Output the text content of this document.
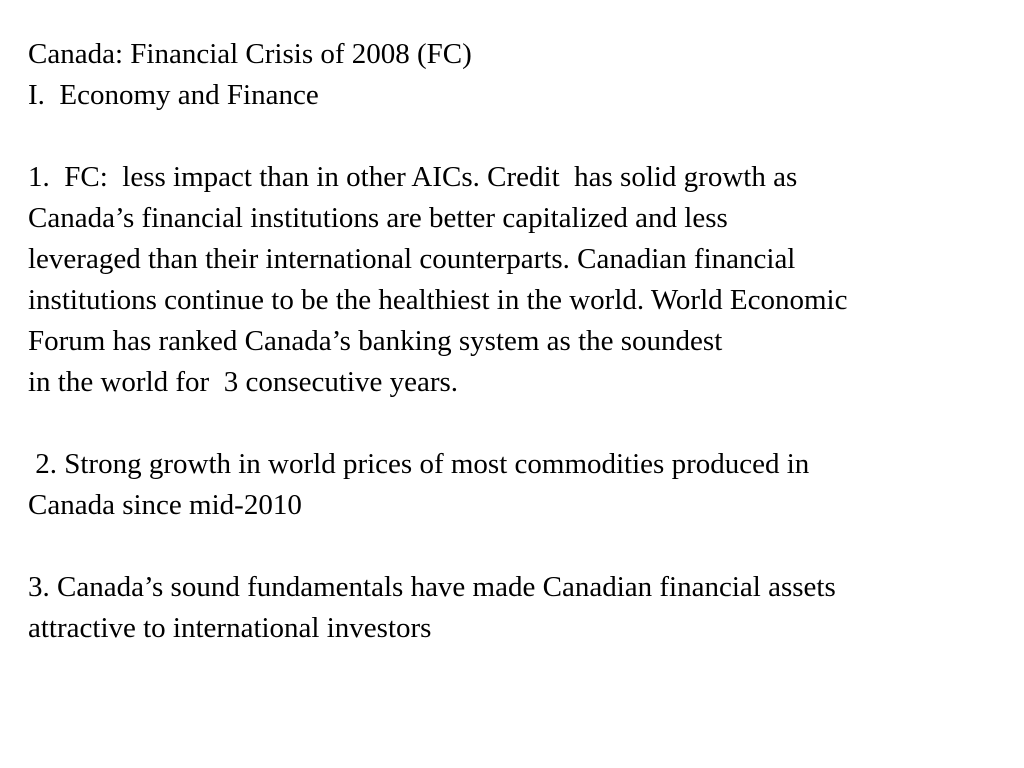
Canada: Financial Crisis of 2008 (FC)
I.  Economy and Finance
1.  FC:  less impact than in other AICs. Credit  has solid growth as
Canada’s financial institutions are better capitalized and less
leveraged than their international counterparts. Canadian financial
institutions continue to be the healthiest in the world. World Economic
Forum has ranked Canada’s banking system as the soundest
in the world for  3 consecutive years.
2. Strong growth in world prices of most commodities produced in
Canada since mid-2010
3. Canada’s sound fundamentals have made Canadian financial assets
attractive to international investors
